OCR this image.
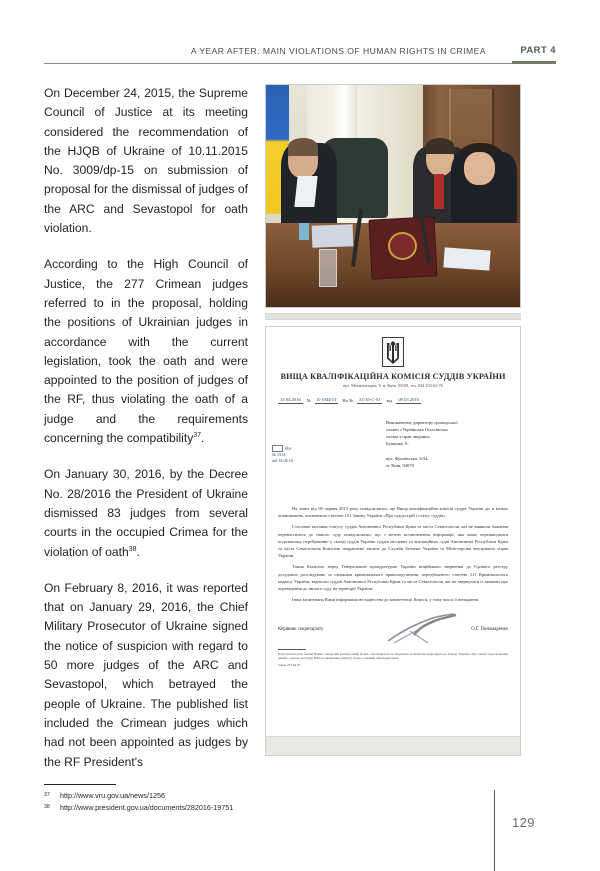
A YEAR AFTER: MAIN VIOLATIONS OF HUMAN RIGHTS IN CRIMEA	PART 4

On December 24, 2015, the Supreme Council of Justice at its meeting considered the recommendation of the HJQB of Ukraine of 10.11.2015 No. 3009/dp-15 on submission of proposal for the dismissal of judges of the ARC and Sevastopol for oath violation.

According to the High Council of Justice, the 277 Crimean judges referred to in the proposal, holding the positions of Ukrainian judges in accordance with the current legislation, took the oath and were appointed to the position of judges of the RF, thus violating the oath of a judge and the requirements concerning the compatibility$^{37}$.

On January 30, 2016, by the Decree No. 28/2016 the President of Ukraine dismissed 83 judges from several courts in the occupied Crimea for the violation of oath$^{38}$.

On February 8, 2016, it was reported that on January 29, 2016, the Chief Military Prosecutor of Ukraine signed the notice of suspicion with regard to 50 more judges of the ARC and Sevastopol, which betrayed the people of Ukraine. The published list included the Crimean judges which had not been appointed as judges by the RF President's

37	http://www.vru.gov.ua/news/1256
38	http://www.president.gov.ua/documents/282016-19751
ВИЩА КВАЛІФІКАЦІЙНА КОМІСІЯ СУДДІВ УКРАЇНИ
вул. Механізаторів, 9, м. Київ, 03109, тел. 044 233-63-76
15.04.2016	№	Б-1044/15	На №	51/16-С-01	від	09.03.2016
Вих.
№ 1514
від 15.04.16
Виконавчому директору громадської
спілки «Українська Гельсінська
спілка з прав людини»
Бущенку А.
вул. Фролівська, 3/34,
м. Київ, 04070

На запит від 06 червня 2015 року повідомляємо, що Вища кваліфікаційна комісія суддів України діє в межах повноважень, визначених статтею 101 Закону України «Про судоустрій і статус суддів».

Стосовно питання статусу суддів Автономної Республіки Крим та міста Севастополя, які не виявили бажання переміститися до іншого суду повідомляємо, що з метою встановлення інформації, яка може перешкоджати подальшому перебуванню у складі суддів України суддів місцевих та апеляційних судів Автономної Республіки Крим та міста Севастополя Комісією направлено запити до Служби безпеки України та Міністерства внутрішніх справ України.

Також Комісією перед Генеральною прокуратурою України ініційовано звернення до Єдиного реєстру досудових розслідувань за ознаками кримінального правопорушення, передбаченого статтею 111 Кримінального кодексу України, відносно суддів Автономної Республіки Крим та міста Севастополя, які не звернулися із заявами про переведення до іншого суду на території України.

Інша запитувана Вами інформація не віднесена до компетенції Комісії, у тому числі її ненадання.

Керівник секретаріату	О.Г. Пономаренко
Персональні дані, надані Вами у паперовій (електронній) формі, обробляються та зберігаються Комісією відповідно до Закону України «Про захист персональних даних» з метою розгляду Вашого звернення (запиту) згідно з чинним законодавством.
Удова 233 64 07
129
